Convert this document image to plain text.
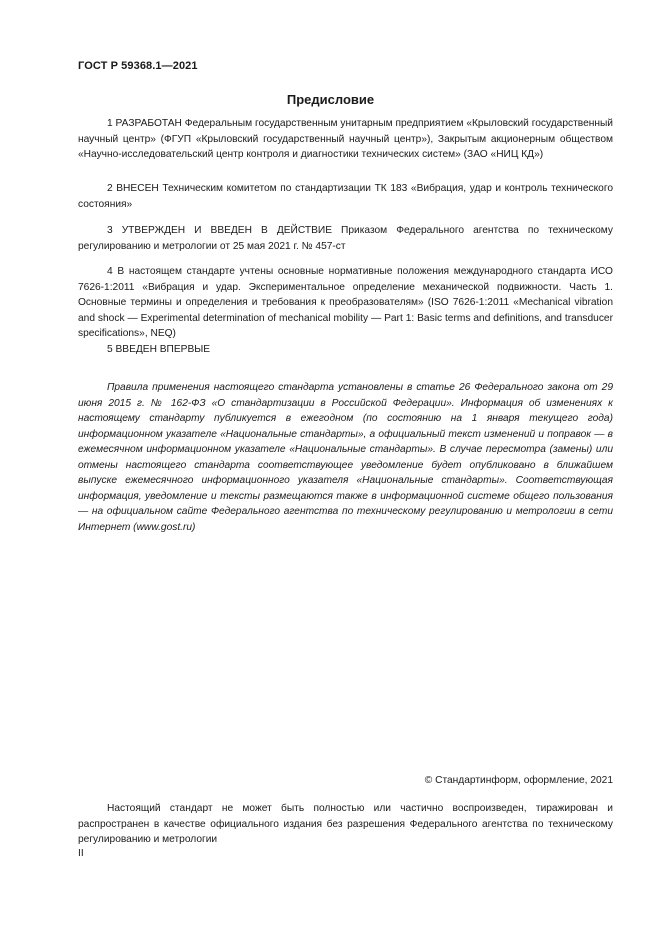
ГОСТ Р 59368.1—2021
Предисловие
1 РАЗРАБОТАН Федеральным государственным унитарным предприятием «Крыловский государственный научный центр» (ФГУП «Крыловский государственный научный центр»), Закрытым акционерным обществом «Научно-исследовательский центр контроля и диагностики технических систем» (ЗАО «НИЦ КД»)
2 ВНЕСЕН Техническим комитетом по стандартизации ТК 183 «Вибрация, удар и контроль технического состояния»
3 УТВЕРЖДЕН И ВВЕДЕН В ДЕЙСТВИЕ Приказом Федерального агентства по техническому регулированию и метрологии от 25 мая 2021 г. № 457-ст
4 В настоящем стандарте учтены основные нормативные положения международного стандарта ИСО 7626-1:2011 «Вибрация и удар. Экспериментальное определение механической подвижности. Часть 1. Основные термины и определения и требования к преобразователям» (ISO 7626-1:2011 «Mechanical vibration and shock — Experimental determination of mechanical mobility — Part 1: Basic terms and definitions, and transducer specifications», NEQ)
5 ВВЕДЕН ВПЕРВЫЕ
Правила применения настоящего стандарта установлены в статье 26 Федерального закона от 29 июня 2015 г. № 162-ФЗ «О стандартизации в Российской Федерации». Информация об изменениях к настоящему стандарту публикуется в ежегодном (по состоянию на 1 января текущего года) информационном указателе «Национальные стандарты», а официальный текст изменений и поправок — в ежемесячном информационном указателе «Национальные стандарты». В случае пересмотра (замены) или отмены настоящего стандарта соответствующее уведомление будет опубликовано в ближайшем выпуске ежемесячного информационного указателя «Национальные стандарты». Соответствующая информация, уведомление и тексты размещаются также в информационной системе общего пользования — на официальном сайте Федерального агентства по техническому регулированию и метрологии в сети Интернет (www.gost.ru)
© Стандартинформ, оформление, 2021
Настоящий стандарт не может быть полностью или частично воспроизведен, тиражирован и распространен в качестве официального издания без разрешения Федерального агентства по техническому регулированию и метрологии
II
